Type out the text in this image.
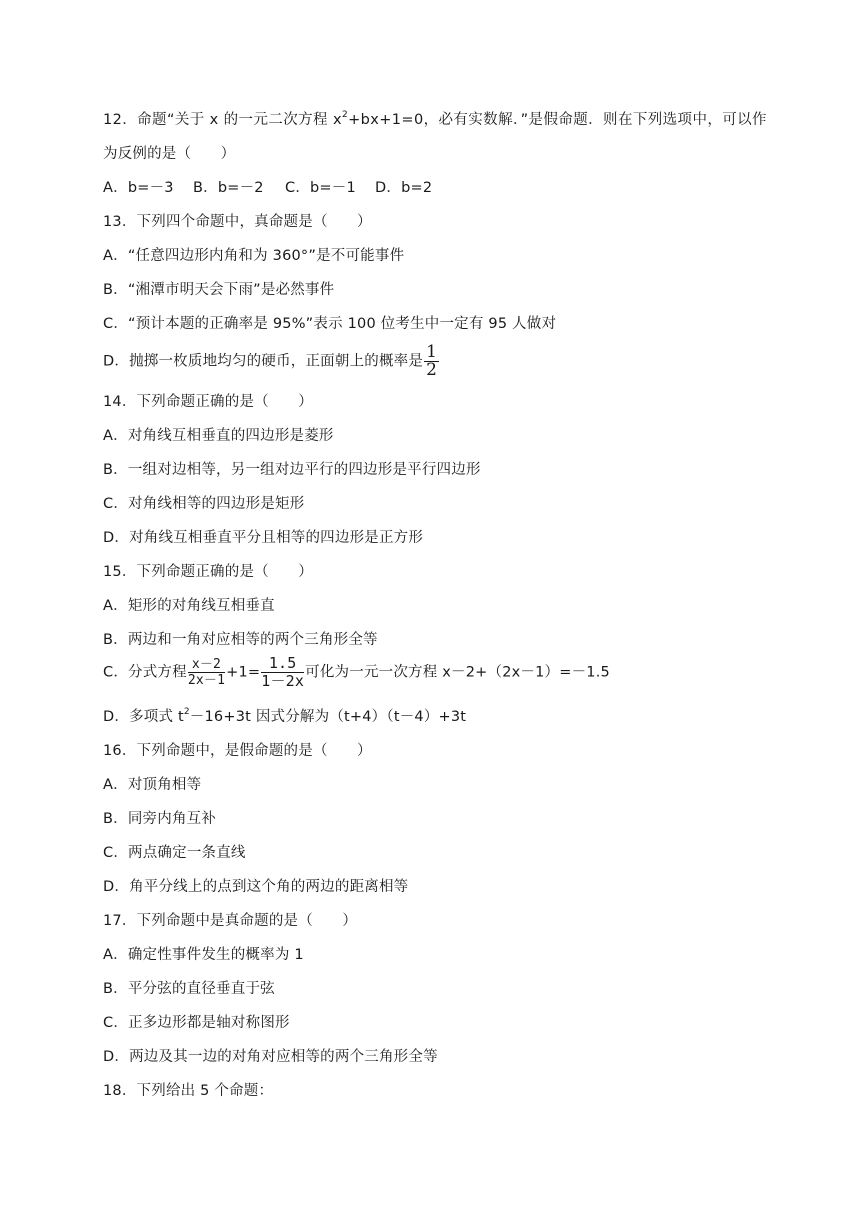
12．命题“关于 x 的一元二次方程 $x^2+bx+1=0$，必有实数解．”是假命题．则在下列选项中，可以作
为反例的是（　　）
A．b=－3 B．b=－2 C．b=－1 D．b=2
13．下列四个命题中，真命题是（　　）
A．“任意四边形内角和为 360°”是不可能事件
B．“湘潭市明天会下雨”是必然事件
C．“预计本题的正确率是 95%”表示 100 位考生中一定有 95 人做对
D．抛掷一枚质地均匀的硬币，正面朝上的概率是 $\frac{1}{2}$
14．下列命题正确的是（　　）
A．对角线互相垂直的四边形是菱形
B．一组对边相等，另一组对边平行的四边形是平行四边形
C．对角线相等的四边形是矩形
D．对角线互相垂直平分且相等的四边形是正方形
15．下列命题正确的是（　　）
A．矩形的对角线互相垂直
B．两边和一角对应相等的两个三角形全等
C．分式方程 $\frac{x-2}{2x-1} +1= \frac{1.5}{1-2x}$ 可化为一元一次方程 x－2+（2x－1）=－1.5
D．多项式 $t^2-16+3t$ 因式分解为（t+4）（t－4）+3t
16．下列命题中，是假命题的是（　　）
A．对顶角相等
B．同旁内角互补
C．两点确定一条直线
D．角平分线上的点到这个角的两边的距离相等
17．下列命题中是真命题的是（　　）
A．确定性事件发生的概率为 1
B．平分弦的直径垂直于弦
C．正多边形都是轴对称图形
D．两边及其一边的对角对应相等的两个三角形全等
18．下列给出 5 个命题：
